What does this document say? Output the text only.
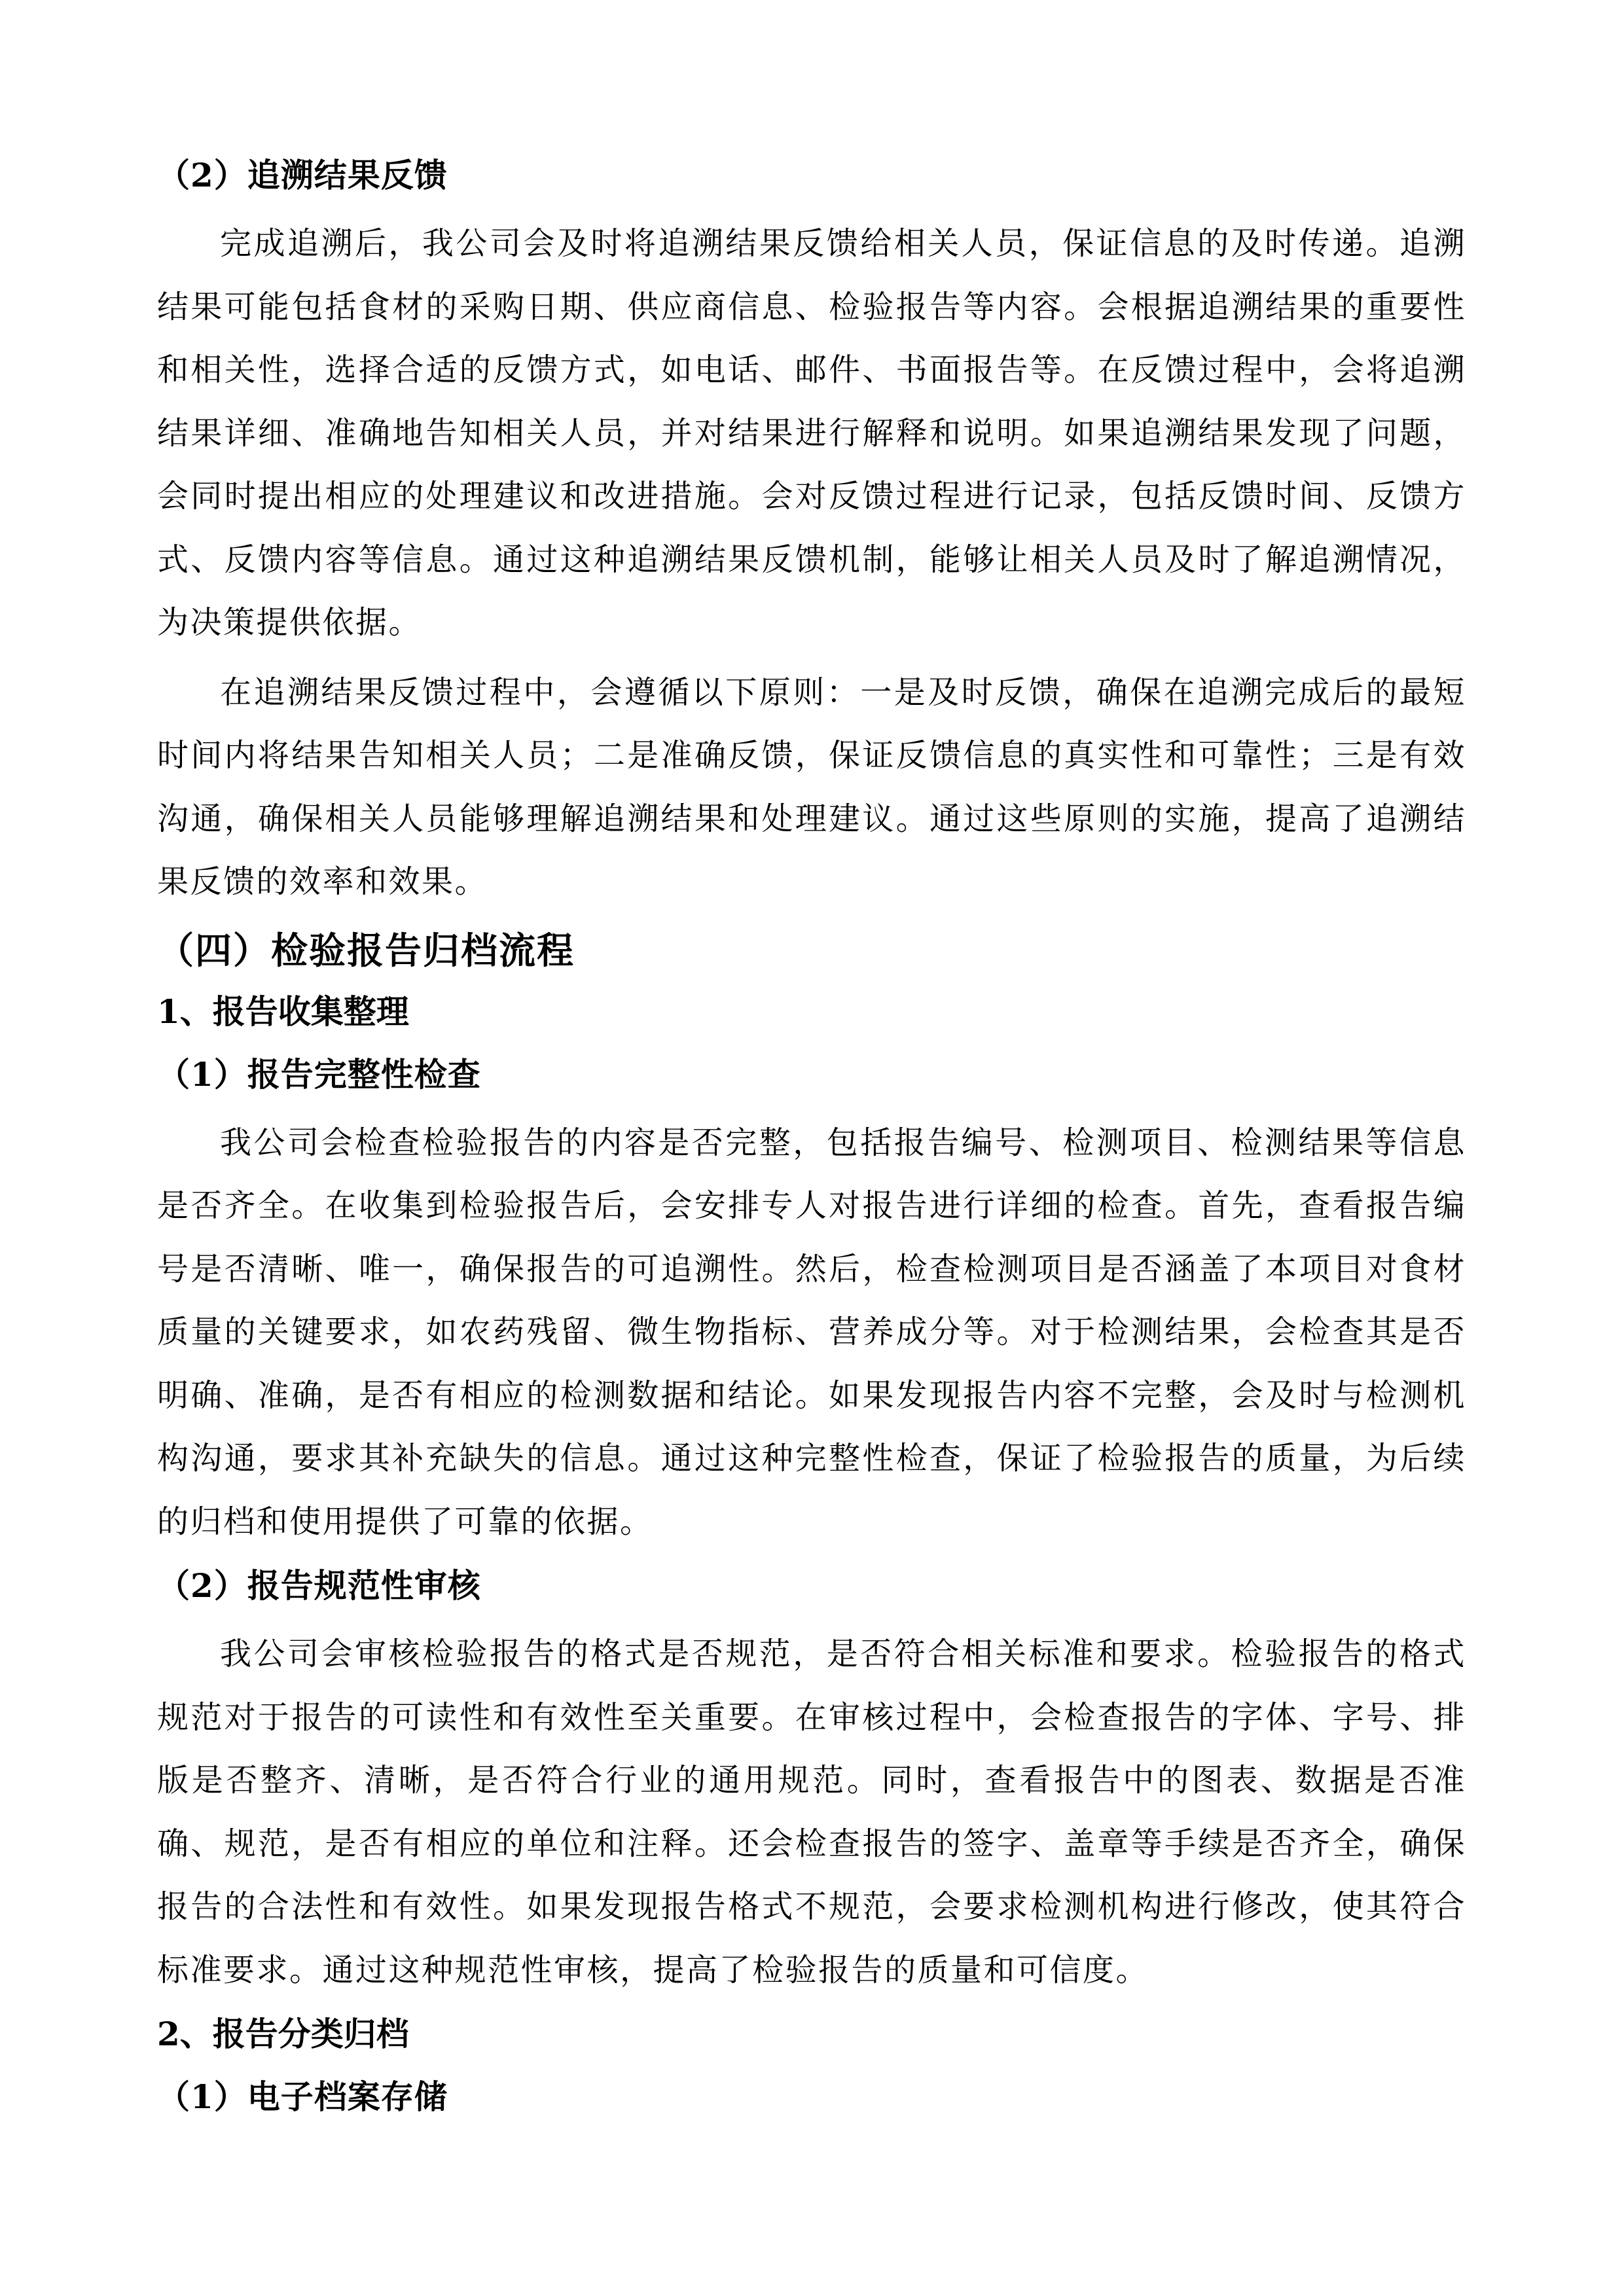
（2）追溯结果反馈

完成追溯后，我公司会及时将追溯结果反馈给相关人员，保证信息的及时传递。追溯结果可能包括食材的采购日期、供应商信息、检验报告等内容。会根据追溯结果的重要性和相关性，选择合适的反馈方式，如电话、邮件、书面报告等。在反馈过程中，会将追溯结果详细、准确地告知相关人员，并对结果进行解释和说明。如果追溯结果发现了问题，会同时提出相应的处理建议和改进措施。会对反馈过程进行记录，包括反馈时间、反馈方式、反馈内容等信息。通过这种追溯结果反馈机制，能够让相关人员及时了解追溯情况，为决策提供依据。

在追溯结果反馈过程中，会遵循以下原则：一是及时反馈，确保在追溯完成后的最短时间内将结果告知相关人员；二是准确反馈，保证反馈信息的真实性和可靠性；三是有效沟通，确保相关人员能够理解追溯结果和处理建议。通过这些原则的实施，提高了追溯结果反馈的效率和效果。

（四）检验报告归档流程
1、报告收集整理
（1）报告完整性检查

我公司会检查检验报告的内容是否完整，包括报告编号、检测项目、检测结果等信息是否齐全。在收集到检验报告后，会安排专人对报告进行详细的检查。首先，查看报告编号是否清晰、唯一，确保报告的可追溯性。然后，检查检测项目是否涵盖了本项目对食材质量的关键要求，如农药残留、微生物指标、营养成分等。对于检测结果，会检查其是否明确、准确，是否有相应的检测数据和结论。如果发现报告内容不完整，会及时与检测机构沟通，要求其补充缺失的信息。通过这种完整性检查，保证了检验报告的质量，为后续的归档和使用提供了可靠的依据。

（2）报告规范性审核

我公司会审核检验报告的格式是否规范，是否符合相关标准和要求。检验报告的格式规范对于报告的可读性和有效性至关重要。在审核过程中，会检查报告的字体、字号、排版是否整齐、清晰，是否符合行业的通用规范。同时，查看报告中的图表、数据是否准确、规范，是否有相应的单位和注释。还会检查报告的签字、盖章等手续是否齐全，确保报告的合法性和有效性。如果发现报告格式不规范，会要求检测机构进行修改，使其符合标准要求。通过这种规范性审核，提高了检验报告的质量和可信度。

2、报告分类归档
（1）电子档案存储
